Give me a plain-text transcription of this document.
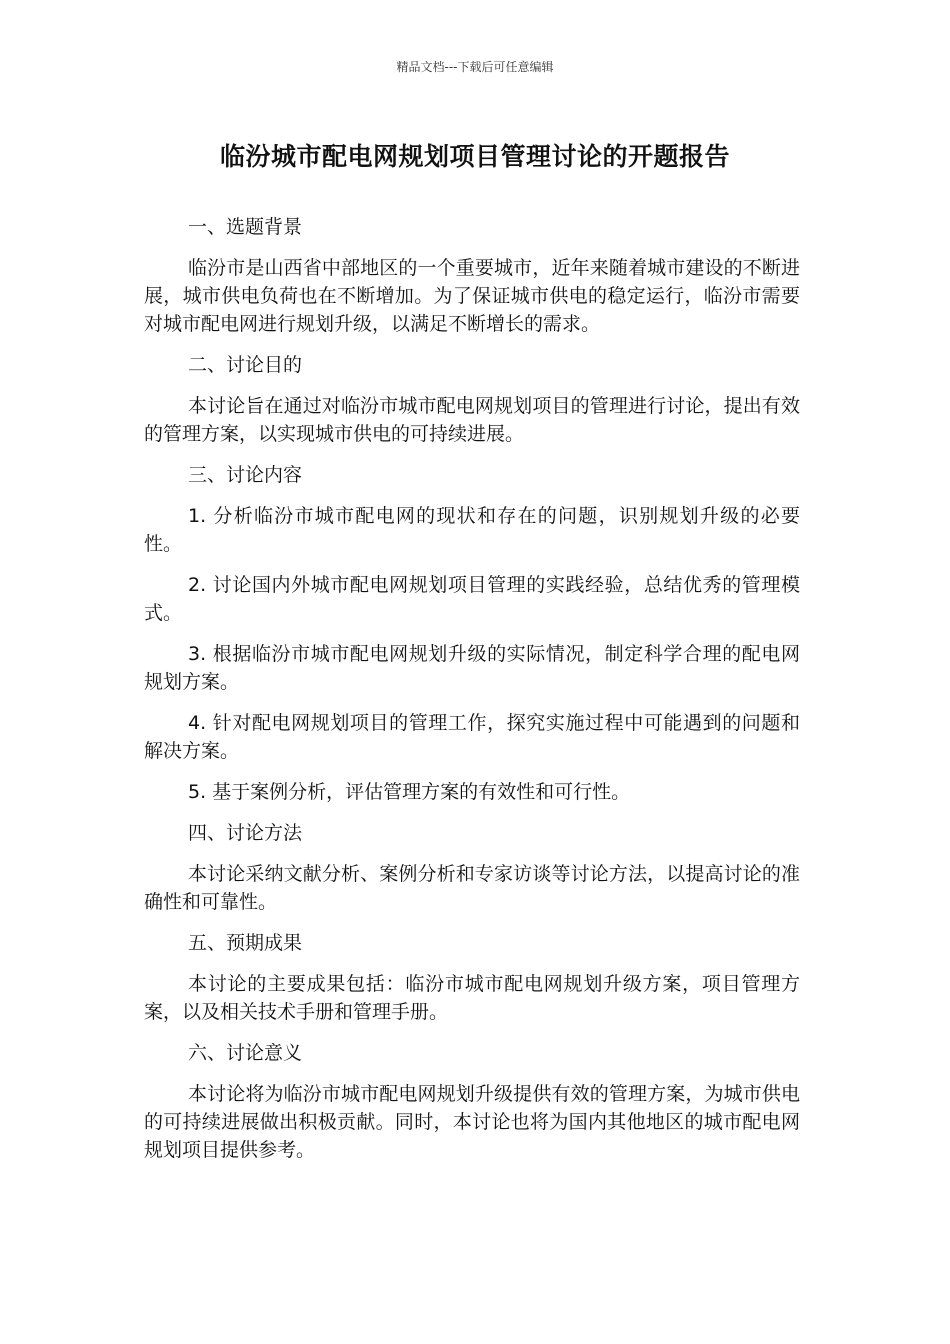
精品文档---下载后可任意编辑
临汾城市配电网规划项目管理讨论的开题报告
一、选题背景
临汾市是山西省中部地区的一个重要城市，近年来随着城市建设的不断进展，城市供电负荷也在不断增加。为了保证城市供电的稳定运行，临汾市需要对城市配电网进行规划升级，以满足不断增长的需求。
二、讨论目的
本讨论旨在通过对临汾市城市配电网规划项目的管理进行讨论，提出有效的管理方案，以实现城市供电的可持续进展。
三、讨论内容
1. 分析临汾市城市配电网的现状和存在的问题，识别规划升级的必要性。
2. 讨论国内外城市配电网规划项目管理的实践经验，总结优秀的管理模式。
3. 根据临汾市城市配电网规划升级的实际情况，制定科学合理的配电网规划方案。
4. 针对配电网规划项目的管理工作，探究实施过程中可能遇到的问题和解决方案。
5. 基于案例分析，评估管理方案的有效性和可行性。
四、讨论方法
本讨论采纳文献分析、案例分析和专家访谈等讨论方法，以提高讨论的准确性和可靠性。
五、预期成果
本讨论的主要成果包括：临汾市城市配电网规划升级方案，项目管理方案，以及相关技术手册和管理手册。
六、讨论意义
本讨论将为临汾市城市配电网规划升级提供有效的管理方案，为城市供电的可持续进展做出积极贡献。同时，本讨论也将为国内其他地区的城市配电网规划项目提供参考。
